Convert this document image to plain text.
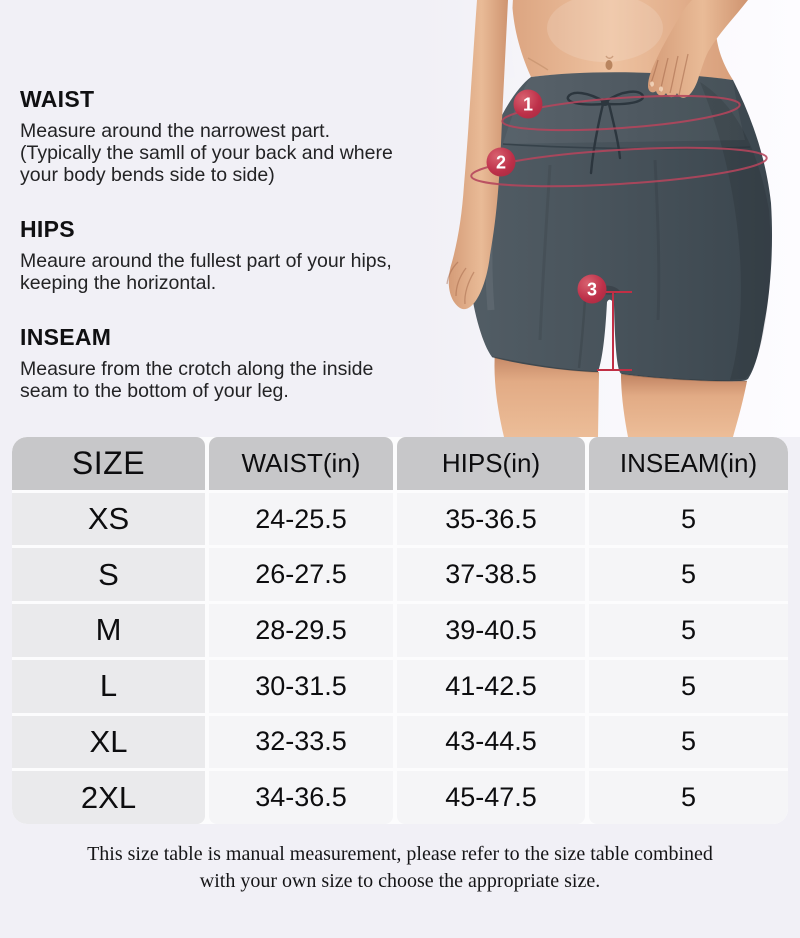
1
2
3
WAIST
Measure around the narrowest part.
(Typically the samll of your back and where
your body bends side to side)
HIPS
Meaure around the fullest part of your hips,
keeping the horizontal.
INSEAM
Measure from the crotch along the inside
seam to the bottom of your leg.
SIZE	WAIST(in)	HIPS(in)	INSEAM(in)
XS	24-25.5	35-36.5	5
S	26-27.5	37-38.5	5
M	28-29.5	39-40.5	5
L	30-31.5	41-42.5	5
XL	32-33.5	43-44.5	5
2XL	34-36.5	45-47.5	5
This size table is manual measurement, please refer to the size table combined
with your own size to choose the appropriate size.
